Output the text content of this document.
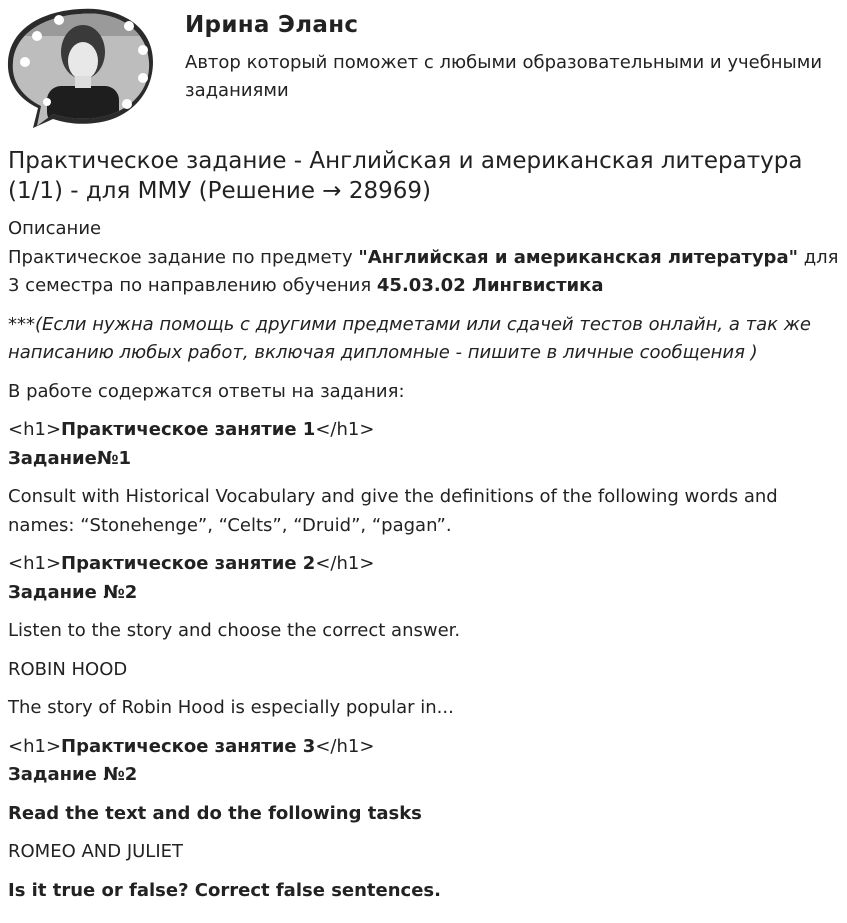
Ирина Эланс
Автор который поможет с любыми образовательными и учебными заданиями
Практическое задание - Английская и американская литература (1/1) - для ММУ (Решение → 28969)
Описание
Практическое задание по предмету "Английская и американская литература" для 3 семестра по направлению обучения 45.03.02 Лингвистика
***(Если нужна помощь с другими предметами или сдачей тестов онлайн, а так же написанию любых работ, включая дипломные - пишите в личные сообщения )
В работе содержатся ответы на задания:
<h1>Практическое занятие 1</h1>
Задание№1
Consult with Historical Vocabulary and give the definitions of the following words and names: “Stonehenge”, “Celts”, “Druid”, “pagan”.
<h1>Практическое занятие 2</h1>
Задание №2
Listen to the story and choose the correct answer.
ROBIN HOOD
The story of Robin Hood is especially popular in...
<h1>Практическое занятие 3</h1>
Задание №2
Read the text and do the following tasks
ROMEO AND JULIET
Is it true or false? Correct false sentences.
